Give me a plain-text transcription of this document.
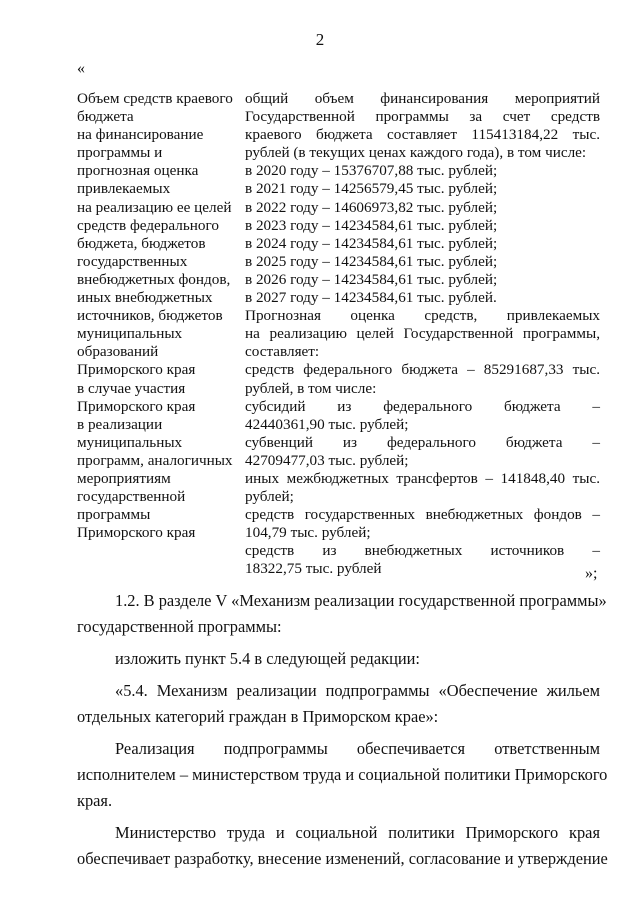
2
«
Объем средств краевого
бюджета
на финансирование
программы и
прогнозная оценка
привлекаемых
на реализацию ее целей
средств федерального
бюджета, бюджетов
государственных
внебюджетных фондов,
иных внебюджетных
источников, бюджетов
муниципальных
образований
Приморского края
в случае участия
Приморского края
в реализации
муниципальных
программ, аналогичных
мероприятиям
государственной
программы
Приморского края
общий объем финансирования мероприятий
Государственной программы за счет средств
краевого бюджета составляет 115413184,22 тыс.
рублей (в текущих ценах каждого года), в том числе:
в 2020 году – 15376707,88 тыс. рублей;
в 2021 году – 14256579,45 тыс. рублей;
в 2022 году – 14606973,82 тыс. рублей;
в 2023 году – 14234584,61 тыс. рублей;
в 2024 году – 14234584,61 тыс. рублей;
в 2025 году – 14234584,61 тыс. рублей;
в 2026 году – 14234584,61 тыс. рублей;
в 2027 году – 14234584,61 тыс. рублей.
Прогнозная оценка средств, привлекаемых
на реализацию целей Государственной программы,
составляет:
средств федерального бюджета – 85291687,33 тыс.
рублей, в том числе:
субсидий из федерального бюджета –
42440361,90 тыс. рублей;
субвенций из федерального бюджета –
42709477,03 тыс. рублей;
иных межбюджетных трансфертов – 141848,40 тыс.
рублей;
средств государственных внебюджетных фондов –
104,79 тыс. рублей;
средств из внебюджетных источников –
18322,75 тыс. рублей	»;
1.2. В разделе V «Механизм реализации государственной программы»
государственной программы:
изложить пункт 5.4 в следующей редакции:
«5.4. Механизм реализации подпрограммы «Обеспечение жильем
отдельных категорий граждан в Приморском крае»:
Реализация подпрограммы обеспечивается ответственным
исполнителем – министерством труда и социальной политики Приморского
края.
Министерство труда и социальной политики Приморского края
обеспечивает разработку, внесение изменений, согласование и утверждение
